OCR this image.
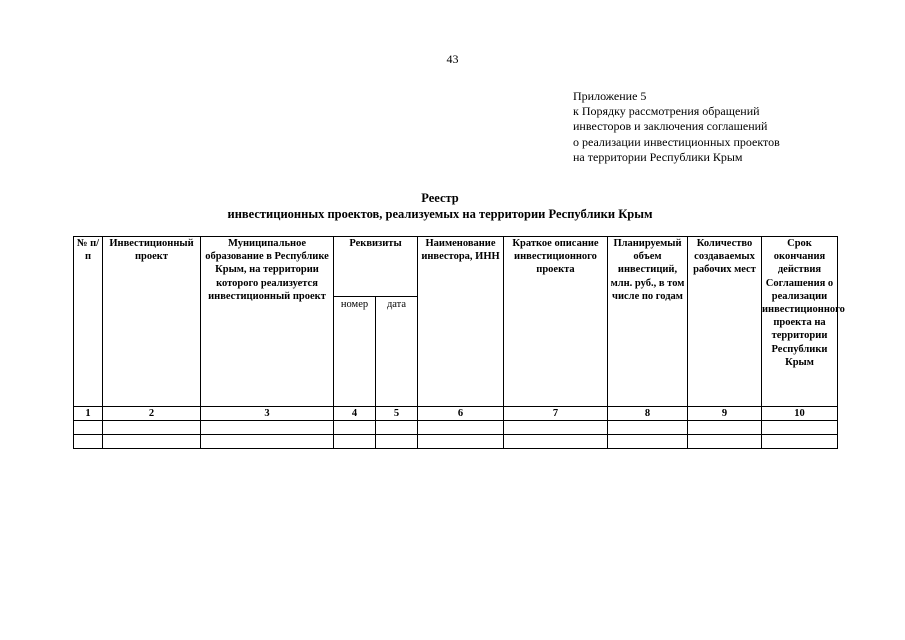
43
Приложение 5
к Порядку рассмотрения обращений
инвесторов и заключения соглашений
о реализации инвестиционных проектов
на территории Республики Крым
Реестр
инвестиционных проектов, реализуемых на территории Республики Крым
№ п/п	Инвестиционный проект	Муниципальное образование в Республике Крым, на территории которого реализуется инвестиционный проект	Реквизиты		Наименование инвестора, ИНН	Краткое описание инвестиционного проекта	Планируемый объем инвестиций, млн. руб., в том числе по годам	Количество создаваемых рабочих мест	Срок окончания действия Соглашения о реализации инвестиционного проекта на территории Республики Крым
			номер	дата					
1	2	3	4	5	6	7	8	9	10
